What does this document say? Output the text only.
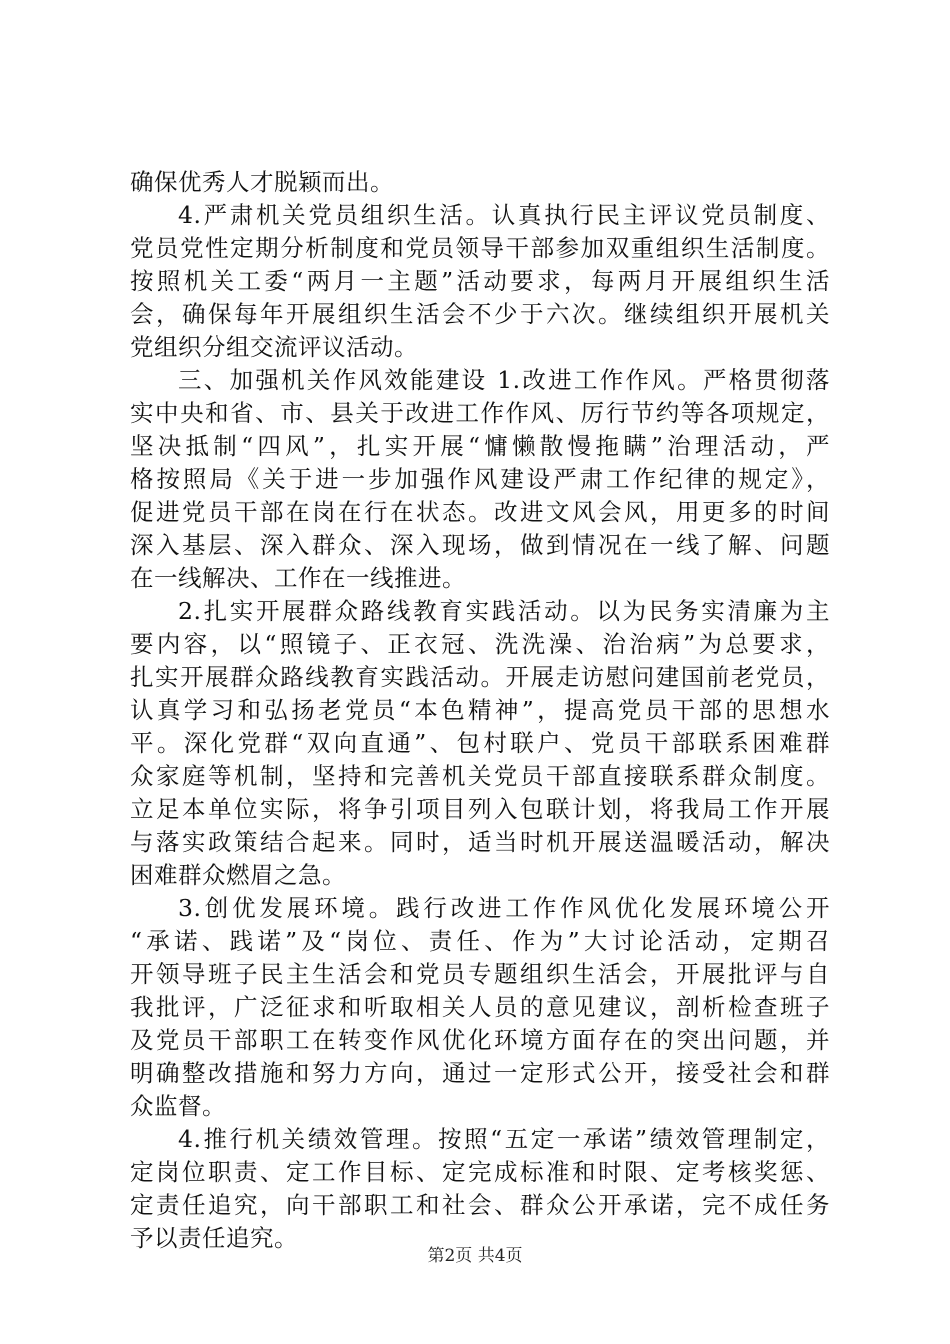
确保优秀人才脱颖而出。
4.严肃机关党员组织生活。认真执行民主评议党员制度、
党员党性定期分析制度和党员领导干部参加双重组织生活制度。
按照机关工委“两月一主题”活动要求，每两月开展组织生活
会，确保每年开展组织生活会不少于六次。继续组织开展机关
党组织分组交流评议活动。
三、加强机关作风效能建设 1.改进工作作风。严格贯彻落
实中央和省、市、县关于改进工作作风、厉行节约等各项规定，
坚决抵制“四风”，扎实开展“慵懒散慢拖瞒”治理活动，严
格按照局《关于进一步加强作风建设严肃工作纪律的规定》，
促进党员干部在岗在行在状态。改进文风会风，用更多的时间
深入基层、深入群众、深入现场，做到情况在一线了解、问题
在一线解决、工作在一线推进。
2.扎实开展群众路线教育实践活动。以为民务实清廉为主
要内容，以“照镜子、正衣冠、洗洗澡、治治病”为总要求，
扎实开展群众路线教育实践活动。开展走访慰问建国前老党员，
认真学习和弘扬老党员“本色精神”，提高党员干部的思想水
平。深化党群“双向直通”、包村联户、党员干部联系困难群
众家庭等机制，坚持和完善机关党员干部直接联系群众制度。
立足本单位实际，将争引项目列入包联计划，将我局工作开展
与落实政策结合起来。同时，适当时机开展送温暖活动，解决
困难群众燃眉之急。
3.创优发展环境。践行改进工作作风优化发展环境公开
“承诺、践诺”及“岗位、责任、作为”大讨论活动，定期召
开领导班子民主生活会和党员专题组织生活会，开展批评与自
我批评，广泛征求和听取相关人员的意见建议，剖析检查班子
及党员干部职工在转变作风优化环境方面存在的突出问题，并
明确整改措施和努力方向，通过一定形式公开，接受社会和群
众监督。
4.推行机关绩效管理。按照“五定一承诺”绩效管理制定，
定岗位职责、定工作目标、定完成标准和时限、定考核奖惩、
定责任追究，向干部职工和社会、群众公开承诺，完不成任务
予以责任追究。
第2页 共4页
